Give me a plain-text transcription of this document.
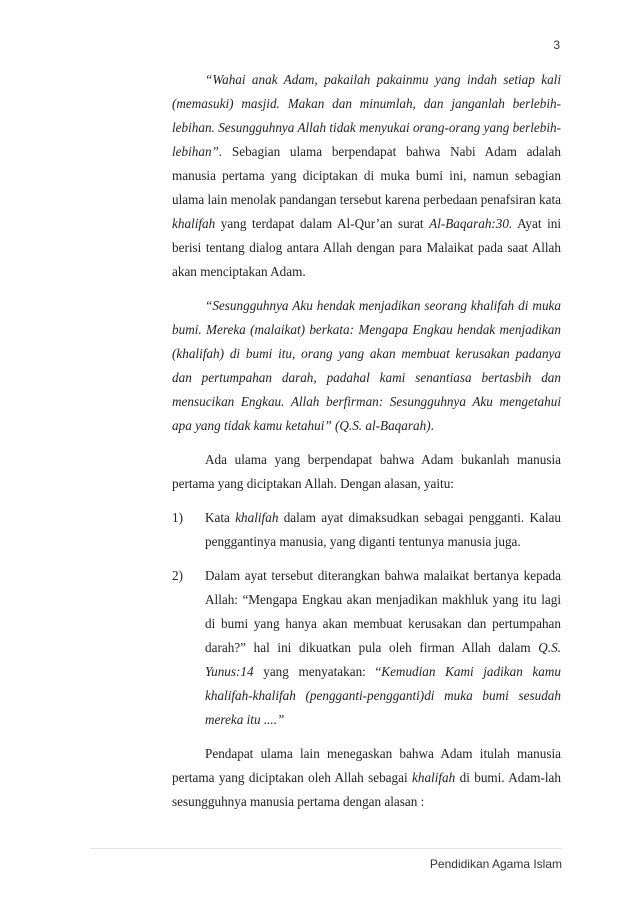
3

“Wahai anak Adam, pakailah pakainmu yang indah setiap kali (memasuki) masjid. Makan dan minumlah, dan janganlah berlebih-lebihan. Sesungguhnya Allah tidak menyukai orang-orang yang berlebih-lebihan”. Sebagian ulama berpendapat bahwa Nabi Adam adalah manusia pertama yang diciptakan di muka bumi ini, namun sebagian ulama lain menolak pandangan tersebut karena perbedaan penafsiran kata khalifah yang terdapat dalam Al-Qur’an surat Al-Baqarah:30. Ayat ini berisi tentang dialog antara Allah dengan para Malaikat pada saat Allah akan menciptakan Adam.

“Sesungguhnya Aku hendak menjadikan seorang khalifah di muka bumi. Mereka (malaikat) berkata: Mengapa Engkau hendak menjadikan (khalifah) di bumi itu, orang yang akan membuat kerusakan padanya dan pertumpahan darah, padahal kami senantiasa bertasbih dan mensucikan Engkau. Allah berfirman: Sesungguhnya Aku mengetahui apa yang tidak kamu ketahui” (Q.S. al-Baqarah).

Ada ulama yang berpendapat bahwa Adam bukanlah manusia pertama yang diciptakan Allah. Dengan alasan, yaitu:

1)	Kata khalifah dalam ayat dimaksudkan sebagai pengganti. Kalau penggantinya manusia, yang diganti tentunya manusia juga.
2)	Dalam ayat tersebut diterangkan bahwa malaikat bertanya kepada Allah: “Mengapa Engkau akan menjadikan makhluk yang itu lagi di bumi yang hanya akan membuat kerusakan dan pertumpahan darah?” hal ini dikuatkan pula oleh firman Allah dalam Q.S. Yunus:14 yang menyatakan: “Kemudian Kami jadikan kamu khalifah-khalifah (pengganti-pengganti)di muka bumi sesudah mereka itu ....”

Pendapat ulama lain menegaskan bahwa Adam itulah manusia pertama yang diciptakan oleh Allah sebagai khalifah di bumi. Adam-lah sesungguhnya manusia pertama dengan alasan :

Pendidikan Agama Islam
